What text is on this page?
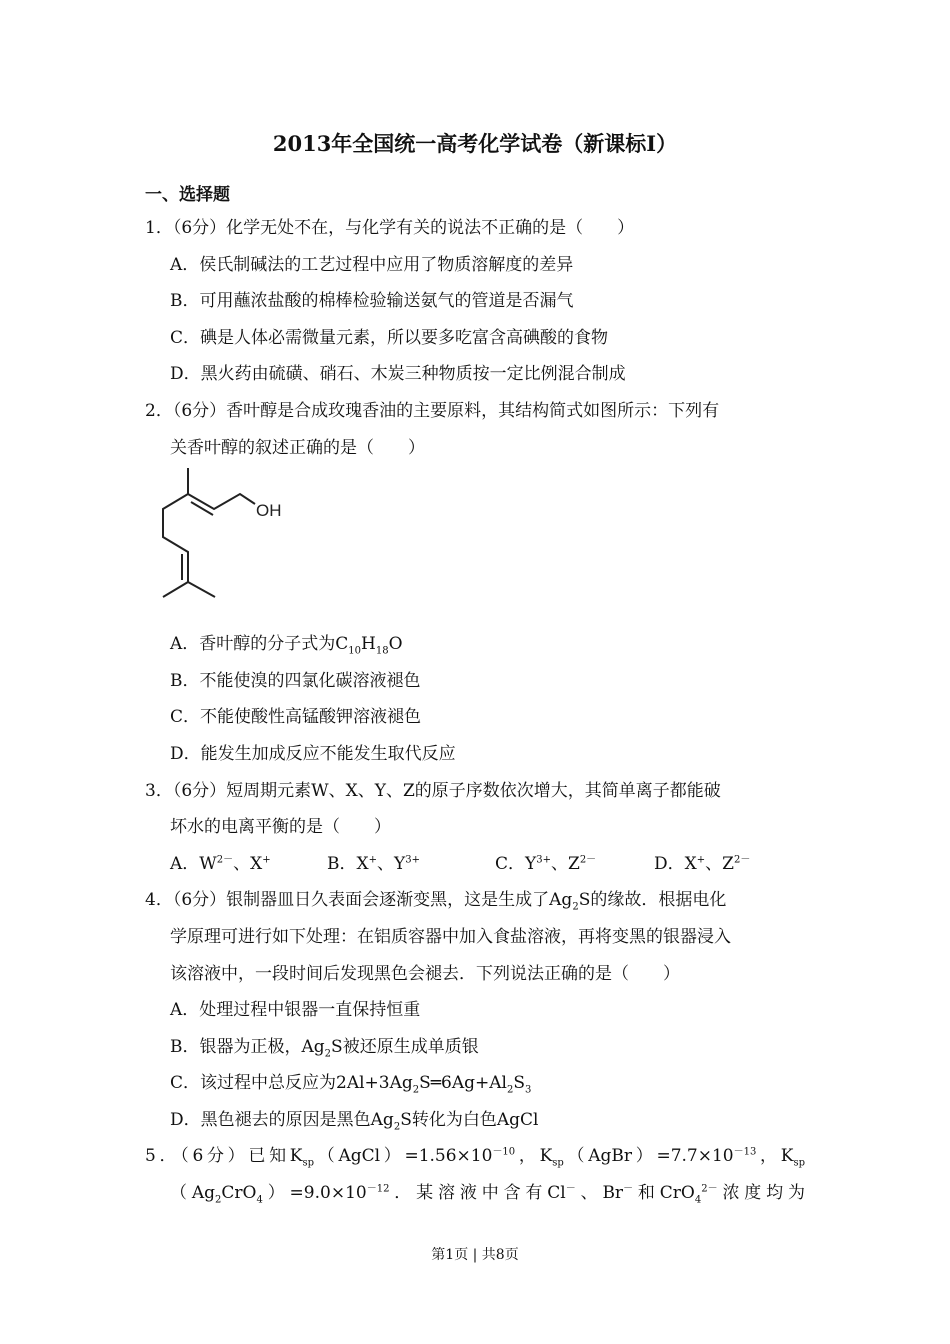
2013年全国统一高考化学试卷（新课标Ⅰ）
一、选择题
1．（6分）化学无处不在，与化学有关的说法不正确的是（　　）
A．侯氏制碱法的工艺过程中应用了物质溶解度的差异
B．可用蘸浓盐酸的棉棒检验输送氨气的管道是否漏气
C．碘是人体必需微量元素，所以要多吃富含高碘酸的食物
D．黑火药由硫磺、硝石、木炭三种物质按一定比例混合制成
2．（6分）香叶醇是合成玫瑰香油的主要原料，其结构简式如图所示：下列有
关香叶醇的叙述正确的是（　　）
OH
A．香叶醇的分子式为$C_{10}H_{18}O$
B．不能使溴的四氯化碳溶液褪色
C．不能使酸性高锰酸钾溶液褪色
D．能发生加成反应不能发生取代反应
3．（6分）短周期元素W、X、Y、Z的原子序数依次增大，其简单离子都能破
坏水的电离平衡的是（　　）
A．$W^{2-}$、X+	B．X+、$Y^{3+}$	C．$Y^{3+}$、$Z^{2-}$	D．X+、$Z^{2-}$
4．（6分）银制器皿日久表面会逐渐变黑，这是生成了$Ag_2S$的缘故．根据电化
学原理可进行如下处理：在铝质容器中加入食盐溶液，再将变黑的银器浸入
该溶液中，一段时间后发现黑色会褪去．下列说法正确的是（　　）
A．处理过程中银器一直保持恒重
B．银器为正极，$Ag_2S$被还原生成单质银
C．该过程中总反应为$2Al+3Ag_2S═6Ag+Al_2S_3$
D．黑色褪去的原因是黑色$Ag_2S$转化为白色AgCl
5．（6分）已知$K_{sp}(AgCl)=1.56\times 10^{-10}$，$K_{sp}(AgBr)=7.7\times 10^{-13}$，$K_{sp}$
$(Ag_2CrO_4)=9.0\times 10^{-12}$．某溶液中含有Cl－、Br－和CrO$_4^{2-}$浓度均为
第1页 | 共8页
